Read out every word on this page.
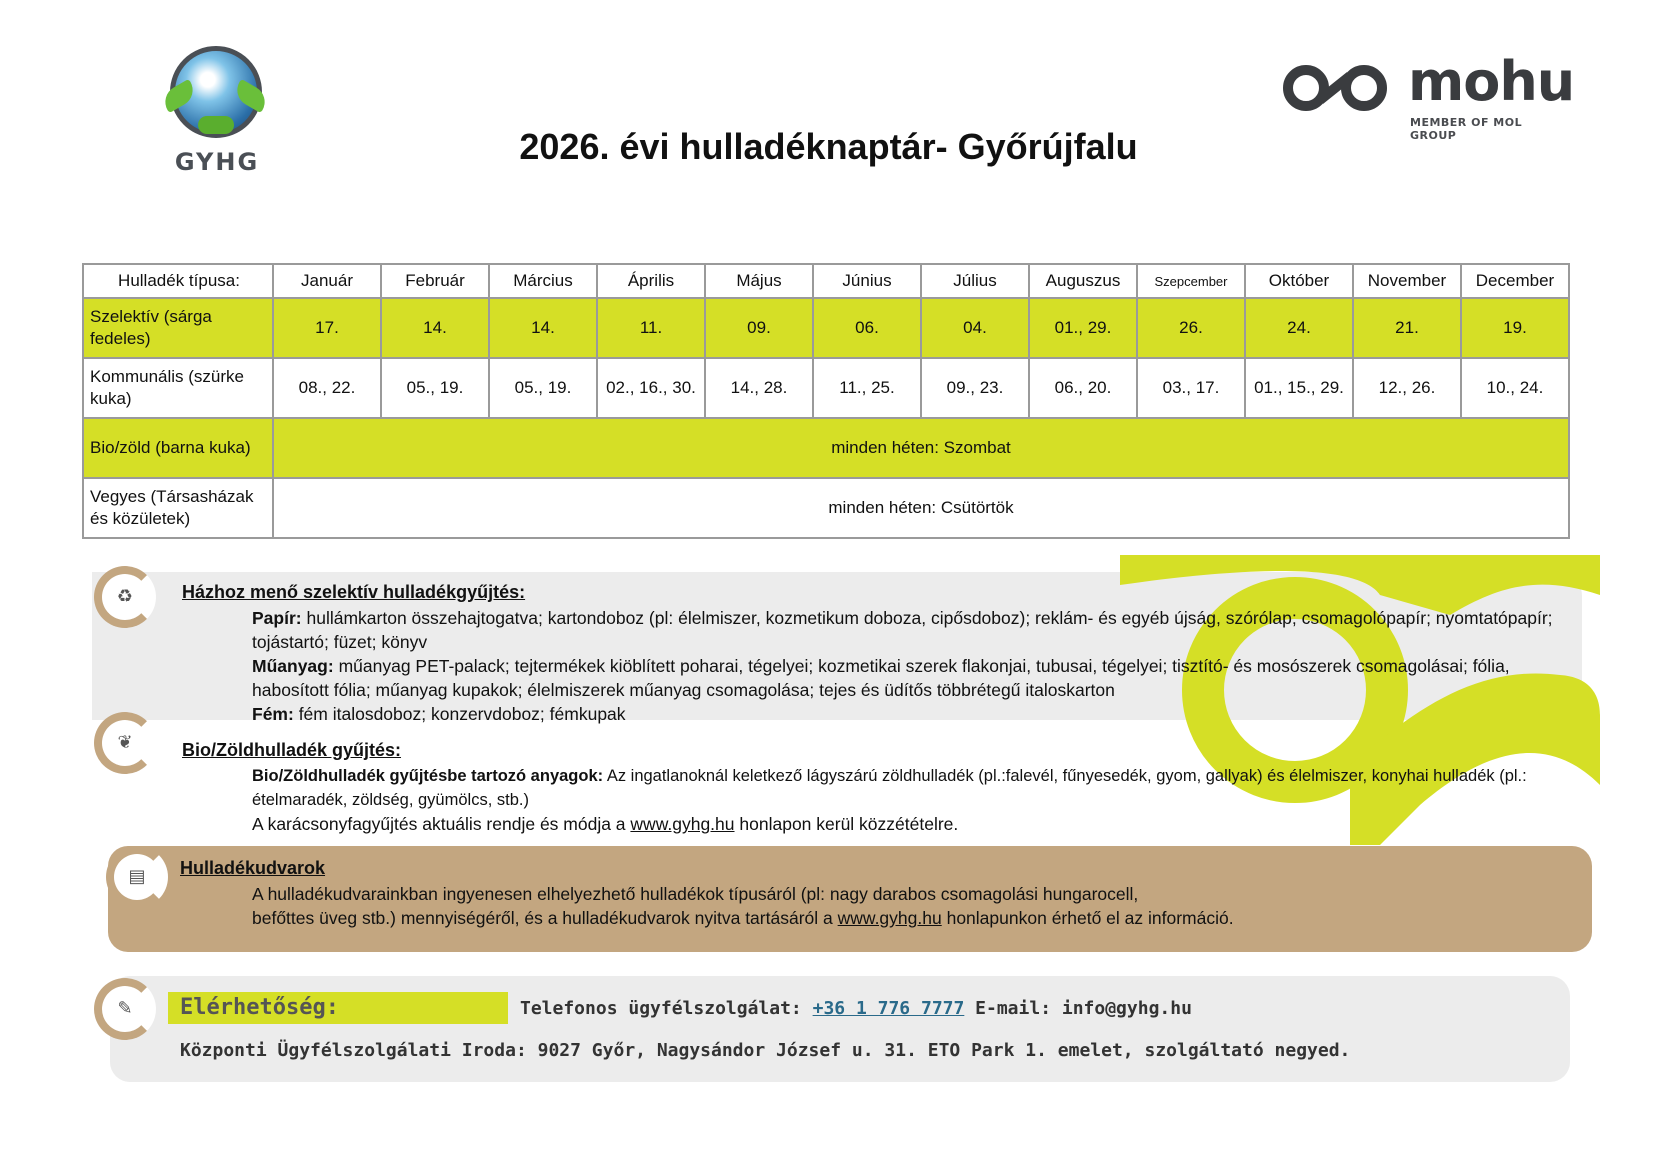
GYHG
mohu
MEMBER OF MOL GROUP
2026. évi hulladéknaptár- Győrújfalu
Hulladék típusa:	Január	Február	Március	Április	Május	Június	Július	Auguszus	Szepcember	Október	November	December
Szelektív (sárga fedeles)	17.	14.	14.	11.	09.	06.	04.	01., 29.	26.	24.	21.	19.
Kommunális (szürke kuka)	08., 22.	05., 19.	05., 19.	02., 16., 30.	14., 28.	11., 25.	09., 23.	06., 20.	03., 17.	01., 15., 29.	12., 26.	10., 24.
Bio/zöld (barna kuka)	minden héten: Szombat											
Vegyes (Társasházak és közületek)	minden héten: Csütörtök											
♻	Házhoz menő szelektív hulladékgyűjtés:
Papír: hullámkarton összehajtogatva; kartondoboz (pl: élelmiszer, kozmetikum doboza, cipősdoboz); reklám- és egyéb újság, szórólap; csomagolópapír; nyomtatópapír; tojástartó; füzet; könyv
Műanyag: műanyag PET-palack; tejtermékek kiöblített poharai, tégelyei; kozmetikai szerek flakonjai, tubusai, tégelyei; tisztító- és mosószerek csomagolásai; fólia, habosított fólia; műanyag kupakok; élelmiszerek műanyag csomagolása; tejes és üdítős többrétegű italoskarton
Fém: fém italosdoboz; konzervdoboz; fémkupak
❦	Bio/Zöldhulladék gyűjtés:
Bio/Zöldhulladék gyűjtésbe tartozó anyagok: Az ingatlanoknál keletkező lágyszárú zöldhulladék (pl.:falevél, fűnyesedék, gyom, gallyak) és élelmiszer, konyhai hulladék (pl.: ételmaradék, zöldség, gyümölcs, stb.)
A karácsonyfagyűjtés aktuális rendje és módja a www.gyhg.hu honlapon kerül közzétételre.
▤ Hulladékudvarok
A hulladékudvarainkban ingyenesen elhelyezhető hulladékok típusáról (pl: nagy darabos csomagolási hungarocell,
befőttes üveg stb.) mennyiségéről, és a hulladékudvarok nyitva tartásáról a www.gyhg.hu honlapunkon érhető el az információ.
✎	Elérhetőség:	Telefonos ügyfélszolgálat: +36 1 776 7777 E-mail: info@gyhg.hu
Központi Ügyfélszolgálati Iroda: 9027 Győr, Nagysándor József u. 31. ETO Park 1. emelet, szolgáltató negyed.
